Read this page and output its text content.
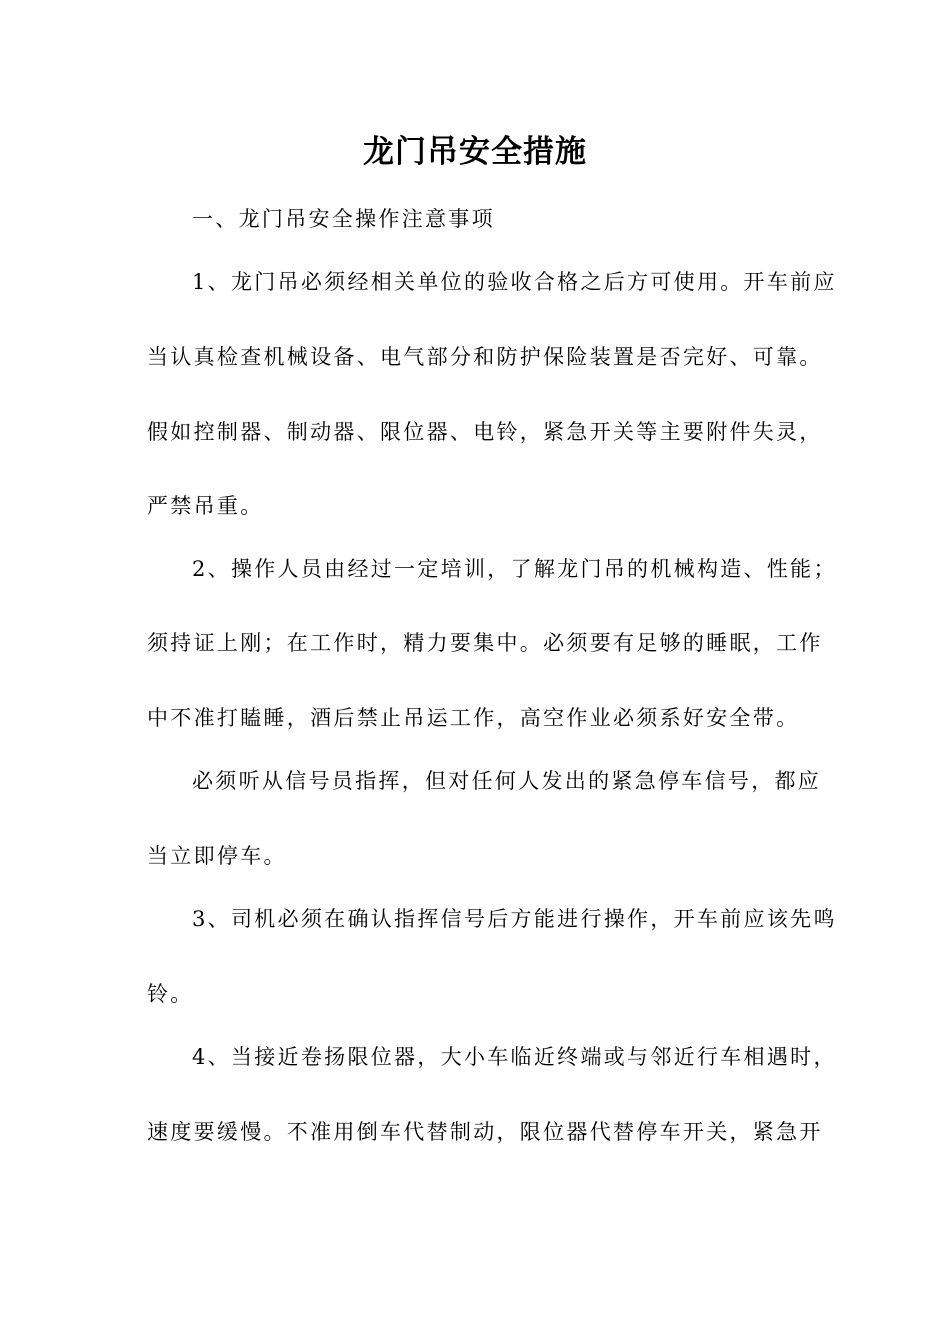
龙门吊安全措施

一、龙门吊安全操作注意事项

1、龙门吊必须经相关单位的验收合格之后方可使用。开车前应

当认真检查机械设备、电气部分和防护保险装置是否完好、可靠。

假如控制器、制动器、限位器、电铃，紧急开关等主要附件失灵，

严禁吊重。

2、操作人员由经过一定培训，了解龙门吊的机械构造、性能；

须持证上刚；在工作时，精力要集中。必须要有足够的睡眠，工作

中不准打瞌睡，酒后禁止吊运工作，高空作业必须系好安全带。

必须听从信号员指挥，但对任何人发出的紧急停车信号，都应

当立即停车。

3、司机必须在确认指挥信号后方能进行操作，开车前应该先鸣

铃。

4、当接近卷扬限位器，大小车临近终端或与邻近行车相遇时，

速度要缓慢。不准用倒车代替制动，限位器代替停车开关，紧急开
